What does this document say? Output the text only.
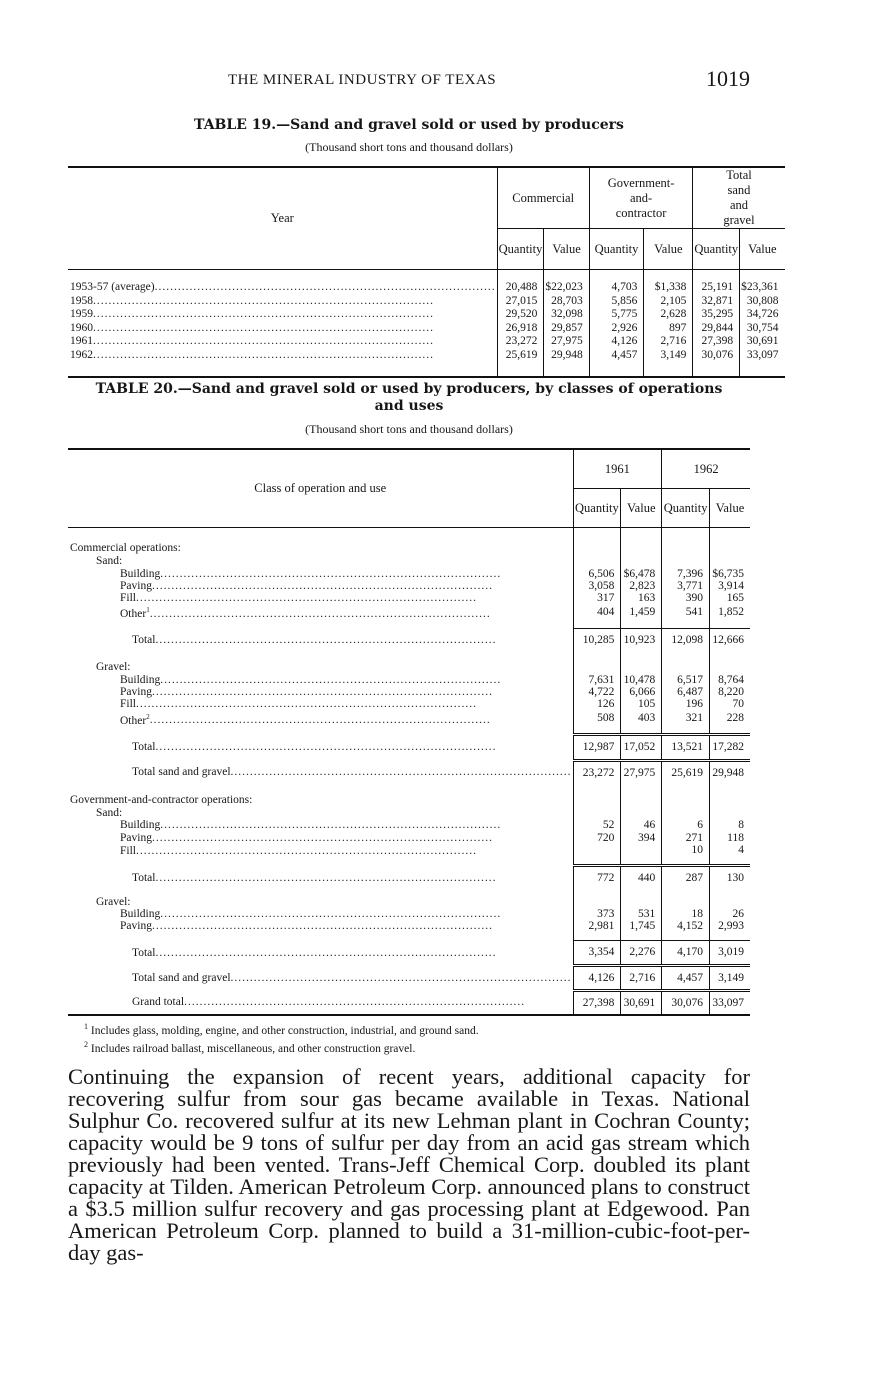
THE MINERAL INDUSTRY OF TEXAS	1019
TABLE 19.—Sand and gravel sold or used by producers
(Thousand short tons and thousand dollars)
Year	Commercial		Government-and-contractor		Total sand and gravel	
	Quantity	Value	Quantity	Value	Quantity	Value

1953-57 (average) .....	20,488	$22,023	4,703	$1,338	25,191	$23,361

1958 .....	27,015	28,703	5,856	2,105	32,871	30,808

1959 .....	29,520	32,098	5,775	2,628	35,295	34,726

1960 .....	26,918	29,857	2,926	897	29,844	30,754

1961 .....	23,272	27,975	4,126	2,716	27,398	30,691

1962 .....	25,619	29,948	4,457	3,149	30,076	33,097
TABLE 20.—Sand and gravel sold or used by producers, by classes of operations
and uses
(Thousand short tons and thousand dollars)
Class of operation and use	1961		1962	
	Quantity	Value	Quantity	Value
Commercial operations:				
Sand:				

Building .....	6,506	$6,478	7,396	$6,735

Paving .....	3,058	2,823	3,771	3,914

Fill .....	317	163	390	165

Other$^1$ .....	404	1,459	541	1,852

Total .....	10,285	10,923	12,098	12,666
Gravel:				

Building .....	7,631	10,478	6,517	8,764

Paving .....	4,722	6,066	6,487	8,220

Fill .....	126	105	196	70

Other$^2$ .....	508	403	321	228

Total .....	12,987	17,052	13,521	17,282

Total sand and gravel .....	23,272	27,975	25,619	29,948
Government-and-contractor operations:				
Sand:				

Building .....	52	46	6	8

Paving .....	720	394	271	118

Fill .....			10	4

Total .....	772	440	287	130
Gravel:				

Building .....	373	531	18	26

Paving .....	2,981	1,745	4,152	2,993

Total .....	3,354	2,276	4,170	3,019

Total sand and gravel .....	4,126	2,716	4,457	3,149

Grand total .....	27,398	30,691	30,076	33,097
$^1$ Includes glass, molding, engine, and other construction, industrial, and ground sand.
$^2$ Includes railroad ballast, miscellaneous, and other construction gravel.
Continuing the expansion of recent years, additional capacity for recovering sulfur from sour gas became available in Texas. National Sulphur Co. recovered sulfur at its new Lehman plant in Cochran County; capacity would be 9 tons of sulfur per day from an acid gas stream which previously had been vented. Trans-Jeff Chemical Corp. doubled its plant capacity at Tilden. American Petroleum Corp. announced plans to construct a $3.5 million sulfur recovery and gas processing plant at Edgewood. Pan American Petroleum Corp. planned to build a 31-million-cubic-foot-per-day gas-
